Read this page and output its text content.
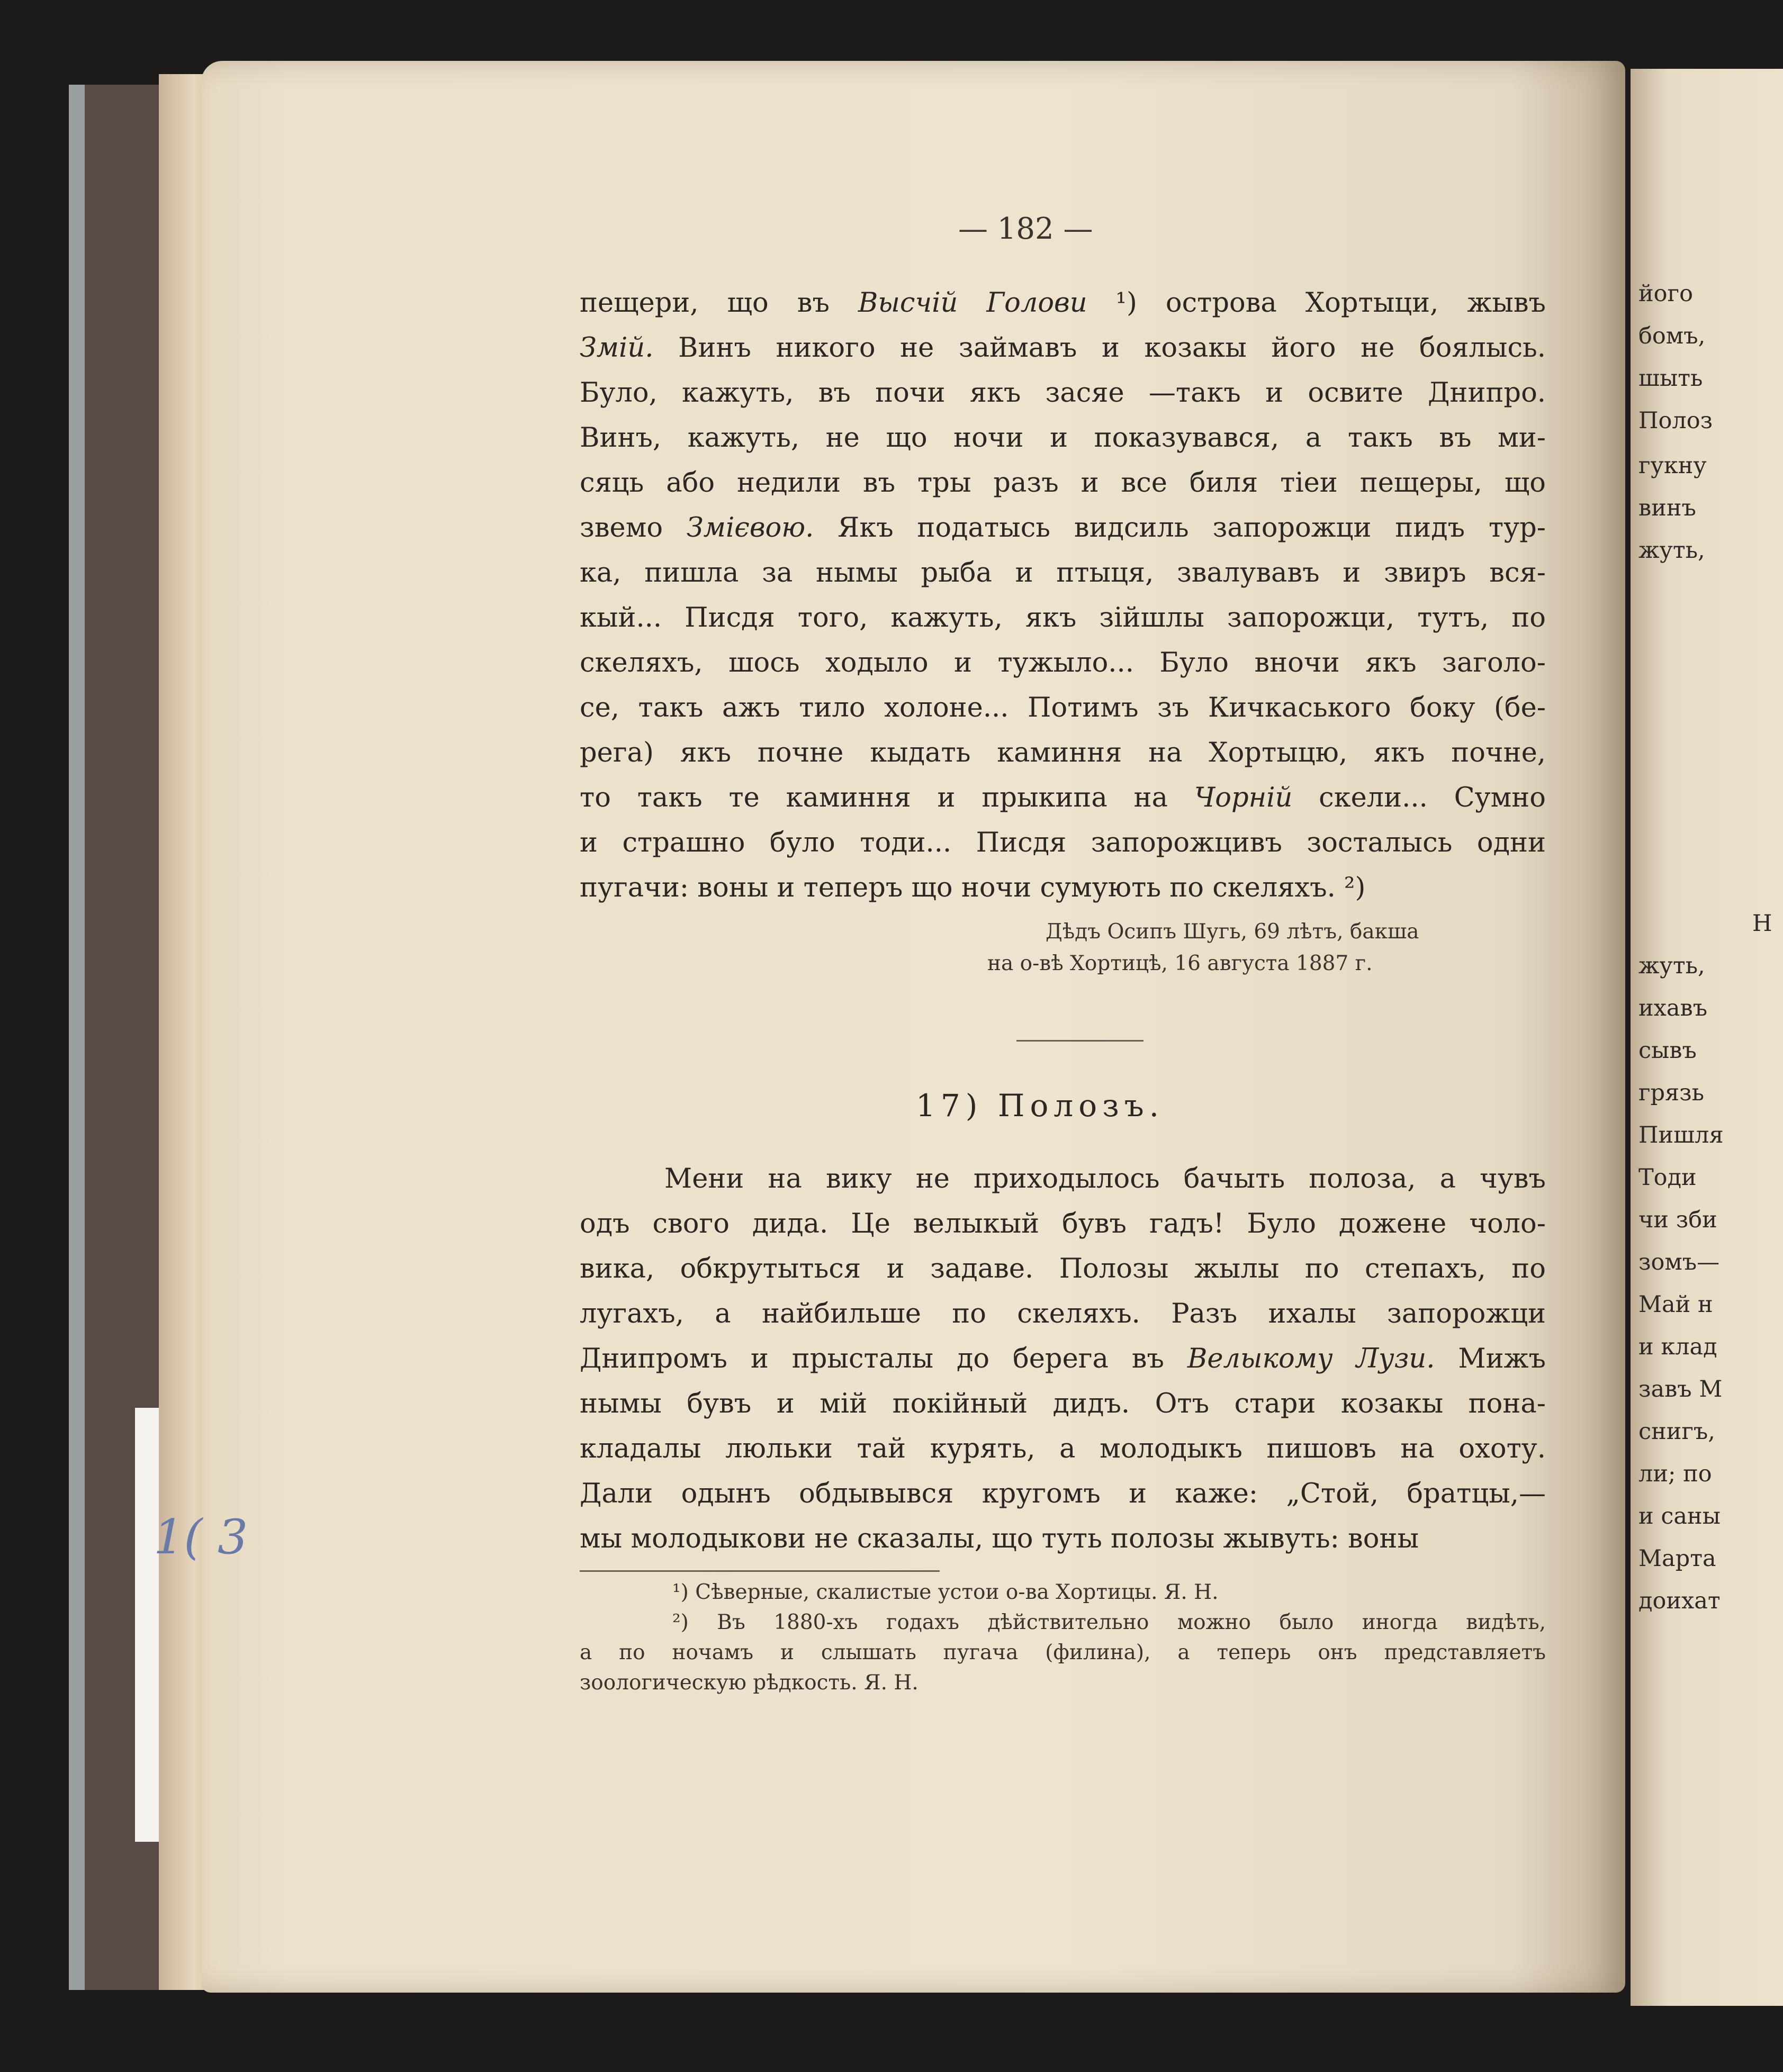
1( 3
— 182 —
пещери, що въ Высчій Голови ¹) острова Хортыци, жывъ
Змій. Винъ никого не займавъ и козакы його не боялысь.
Було, кажуть, въ почи якъ засяе —такъ и освите Днипро.
Винъ, кажуть, не що ночи и показувався, а такъ въ ми-
сяць або недили въ тры разъ и все биля тіеи пещеры, що
звемо Змієвою. Якъ податысь видсиль запорожци пидъ тур-
ка, пишла за нымы рыба и птыця, звалувавъ и звиръ вся-
кый... Писдя того, кажуть, якъ зійшлы запорожци, тутъ, по
скеляхъ, шось ходыло и тужыло... Було вночи якъ заголо-
се, такъ ажъ тило холоне... Потимъ зъ Кичкаського боку (бе-
рега) якъ почне кыдать каминня на Хортыцю, якъ почне,
то такъ те каминня и прыкипа на Чорній скели... Сумно
и страшно було тоди... Писдя запорожцивъ зосталысь одни
пугачи: воны и теперъ що ночи сумують по скеляхъ. ²)
Дѣдъ Осипъ Шугь, 69 лѣтъ, бакша
на о-вѣ Хортицѣ, 16 августа 1887 г.
17) Полозъ.
Мени на вику не приходылось бачыть полоза, а чувъ
одъ свого дида. Це велыкый бувъ гадъ! Було дожене чоло-
вика, обкрутыться и задаве. Полозы жылы по степахъ, по
лугахъ, а найбильше по скеляхъ. Разъ ихалы запорожци
Днипромъ и прысталы до берега въ Велыкому Лузи. Мижъ
нымы бувъ и мій покійный дидъ. Отъ стари козакы пона-
кладалы люльки тай курять, а молодыкъ пишовъ на охоту.
Дали одынъ обдывывся кругомъ и каже: „Стой, братцы,—
мы молодыкови не сказалы, що туть полозы жывуть: воны
¹) Сѣверные, скалистые устои о-ва Хортицы. Я. Н.
²) Въ 1880-хъ годахъ дѣйствительно можно было иногда видѣть,
а по ночамъ и слышать пугача (филина), а теперь онъ представляетъ
зоологическую рѣдкость. Я. Н.
його
бомъ,
шыть
Полоз
гукну
винъ
жуть,
Н
жуть,
ихавъ
сывъ
грязь
Пишля
Тоди
чи зби
зомъ—
Май н
и клад
завъ М
снигъ,
ли; по
и саны
Марта
доихат
